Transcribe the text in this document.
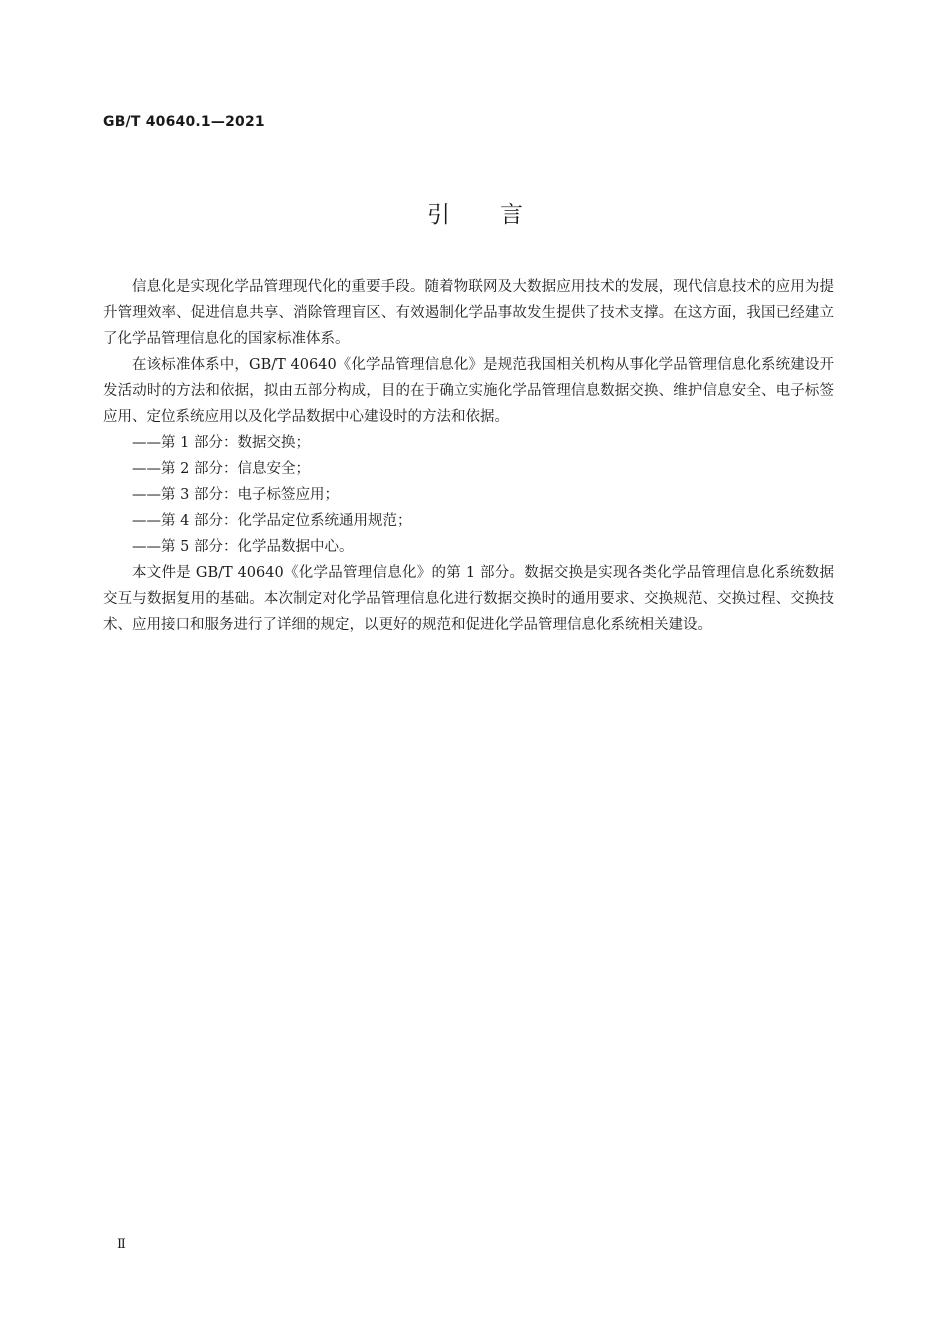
GB/T 40640.1—2021
引 言

信息化是实现化学品管理现代化的重要手段。随着物联网及大数据应用技术的发展，现代信息技术的应用为提升管理效率、促进信息共享、消除管理盲区、有效遏制化学品事故发生提供了技术支撑。在这方面，我国已经建立了化学品管理信息化的国家标准体系。

在该标准体系中，GB/T 40640《化学品管理信息化》是规范我国相关机构从事化学品管理信息化系统建设开发活动时的方法和依据，拟由五部分构成，目的在于确立实施化学品管理信息数据交换、维护信息安全、电子标签应用、定位系统应用以及化学品数据中心建设时的方法和依据。

——第 1 部分：数据交换；
——第 2 部分：信息安全；
——第 3 部分：电子标签应用；
——第 4 部分：化学品定位系统通用规范；
——第 5 部分：化学品数据中心。

本文件是 GB/T 40640《化学品管理信息化》的第 1 部分。数据交换是实现各类化学品管理信息化系统数据交互与数据复用的基础。本次制定对化学品管理信息化进行数据交换时的通用要求、交换规范、交换过程、交换技术、应用接口和服务进行了详细的规定，以更好的规范和促进化学品管理信息化系统相关建设。

Ⅱ
